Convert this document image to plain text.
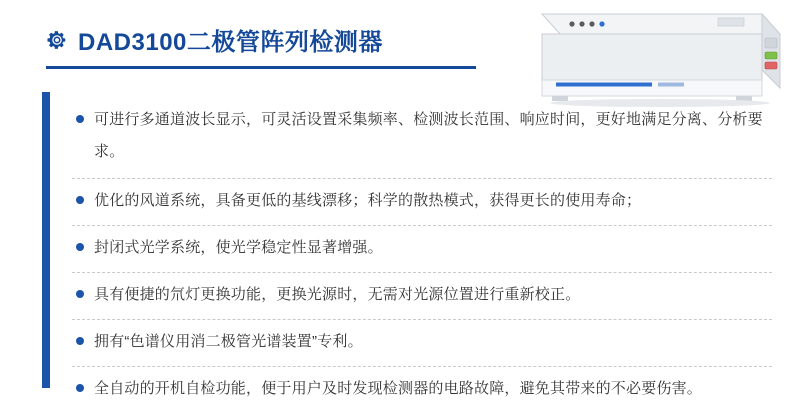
DAD3100二极管阵列检测器
可进行多通道波长显示，可灵活设置采集频率、检测波长范围、响应时间，更好地满足分离、分析要求。
优化的风道系统，具备更低的基线漂移；科学的散热模式，获得更长的使用寿命；
封闭式光学系统，使光学稳定性显著增强。
具有便捷的氘灯更换功能，更换光源时，无需对光源位置进行重新校正。
拥有“色谱仪用消二极管光谱装置”专利。
全自动的开机自检功能，便于用户及时发现检测器的电路故障，避免其带来的不必要伤害。
